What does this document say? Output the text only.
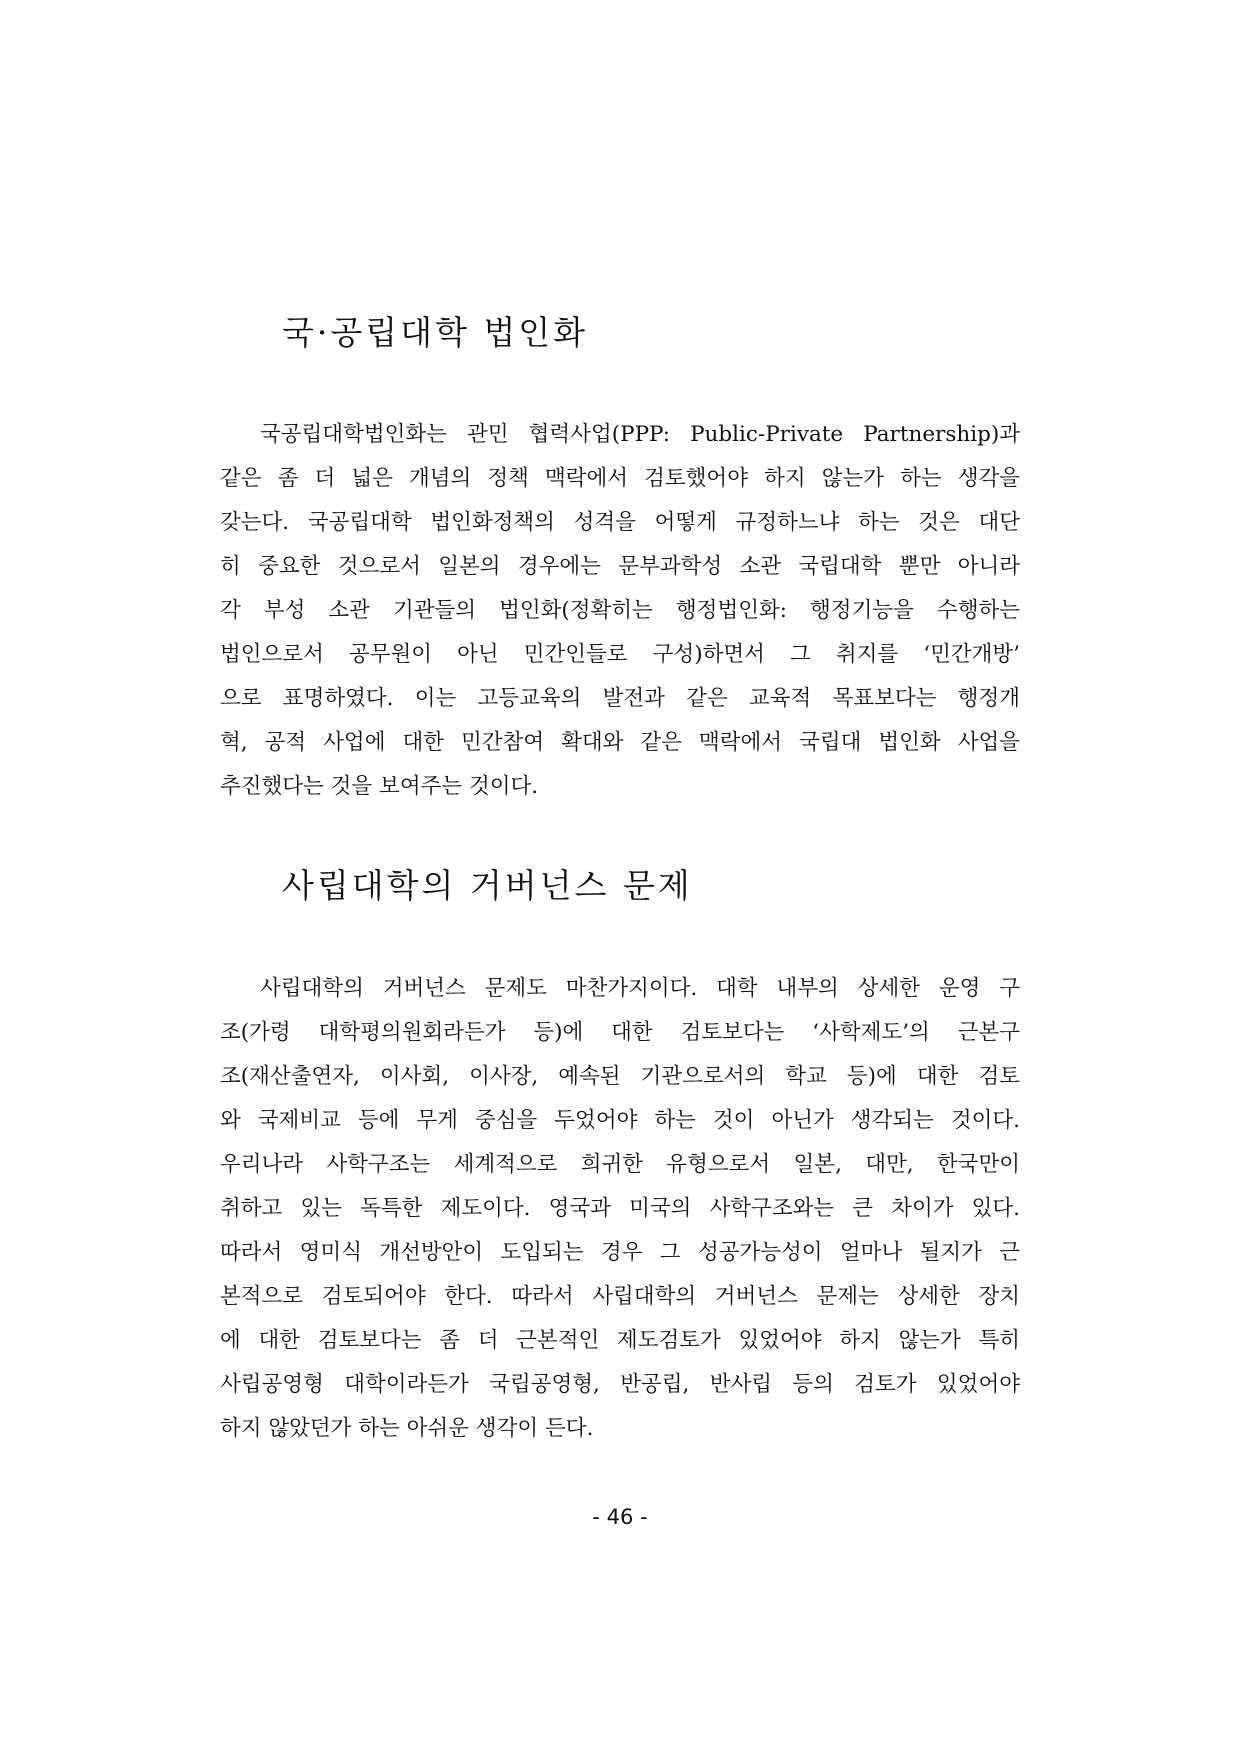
국·공립대학 법인화
국공립대학법인화는 관민 협력사업(PPP: Public-Private Partnership)과
같은 좀 더 넓은 개념의 정책 맥락에서 검토했어야 하지 않는가 하는 생각을
갖는다. 국공립대학 법인화정책의 성격을 어떻게 규정하느냐 하는 것은 대단
히 중요한 것으로서 일본의 경우에는 문부과학성 소관 국립대학 뿐만 아니라
각 부성 소관 기관들의 법인화(정확히는 행정법인화: 행정기능을 수행하는
법인으로서 공무원이 아닌 민간인들로 구성)하면서 그 취지를 ‘민간개방’
으로 표명하였다. 이는 고등교육의 발전과 같은 교육적 목표보다는 행정개
혁, 공적 사업에 대한 민간참여 확대와 같은 맥락에서 국립대 법인화 사업을
추진했다는 것을 보여주는 것이다.
사립대학의 거버넌스 문제
사립대학의 거버넌스 문제도 마찬가지이다. 대학 내부의 상세한 운영 구
조(가령 대학평의원회라든가 등)에 대한 검토보다는 ‘사학제도’의 근본구
조(재산출연자, 이사회, 이사장, 예속된 기관으로서의 학교 등)에 대한 검토
와 국제비교 등에 무게 중심을 두었어야 하는 것이 아닌가 생각되는 것이다.
우리나라 사학구조는 세계적으로 희귀한 유형으로서 일본, 대만, 한국만이
취하고 있는 독특한 제도이다. 영국과 미국의 사학구조와는 큰 차이가 있다.
따라서 영미식 개선방안이 도입되는 경우 그 성공가능성이 얼마나 될지가 근
본적으로 검토되어야 한다. 따라서 사립대학의 거버넌스 문제는 상세한 장치
에 대한 검토보다는 좀 더 근본적인 제도검토가 있었어야 하지 않는가 특히
사립공영형 대학이라든가 국립공영형, 반공립, 반사립 등의 검토가 있었어야
하지 않았던가 하는 아쉬운 생각이 든다.
- 46 -
